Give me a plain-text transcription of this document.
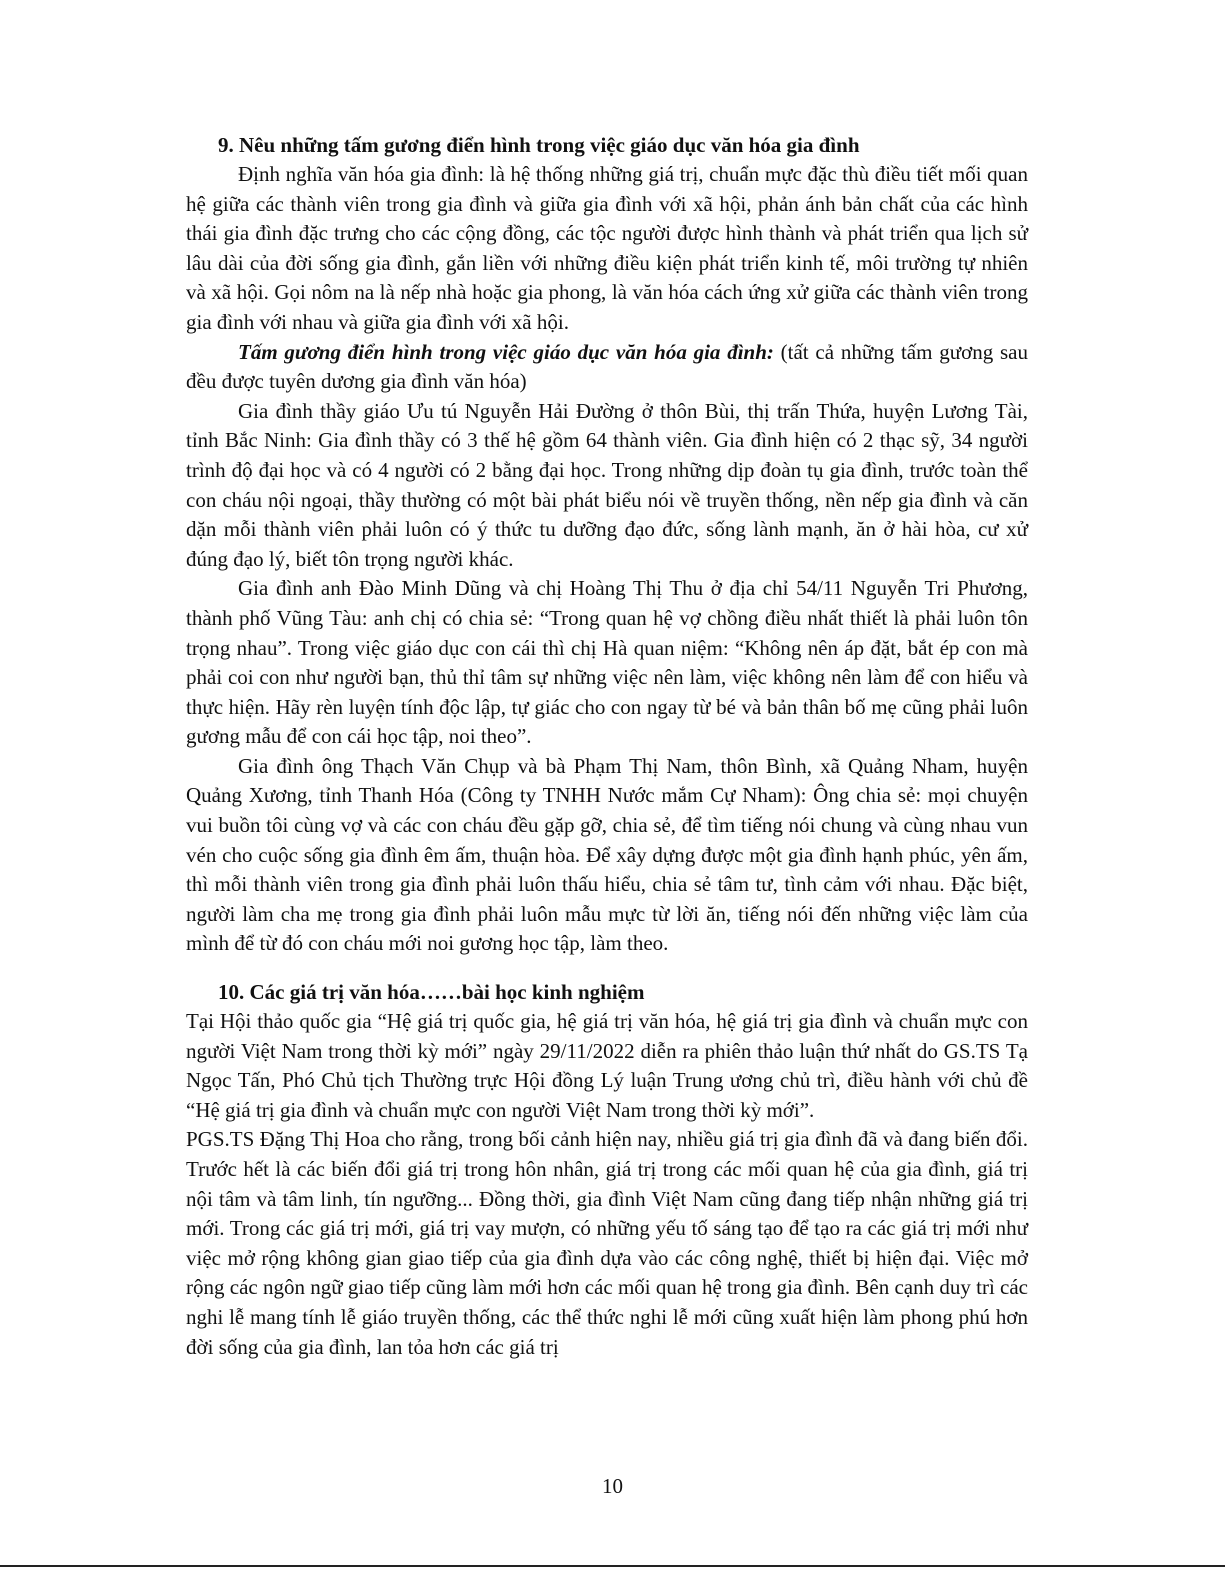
9. Nêu những tấm gương điển hình trong việc giáo dục văn hóa gia đình

Định nghĩa văn hóa gia đình: là hệ thống những giá trị, chuẩn mực đặc thù điều tiết mối quan hệ giữa các thành viên trong gia đình và giữa gia đình với xã hội, phản ánh bản chất của các hình thái gia đình đặc trưng cho các cộng đồng, các tộc người được hình thành và phát triển qua lịch sử lâu dài của đời sống gia đình, gắn liền với những điều kiện phát triển kinh tế, môi trường tự nhiên và xã hội. Gọi nôm na là nếp nhà hoặc gia phong, là văn hóa cách ứng xử giữa các thành viên trong gia đình với nhau và giữa gia đình với xã hội.

Tấm gương điển hình trong việc giáo dục văn hóa gia đình: (tất cả những tấm gương sau đều được tuyên dương gia đình văn hóa)

Gia đình thầy giáo Ưu tú Nguyễn Hải Đường ở thôn Bùi, thị trấn Thứa, huyện Lương Tài, tỉnh Bắc Ninh: Gia đình thầy có 3 thế hệ gồm 64 thành viên. Gia đình hiện có 2 thạc sỹ, 34 người trình độ đại học và có 4 người có 2 bằng đại học. Trong những dịp đoàn tụ gia đình, trước toàn thể con cháu nội ngoại, thầy thường có một bài phát biểu nói về truyền thống, nền nếp gia đình và căn dặn mỗi thành viên phải luôn có ý thức tu dưỡng đạo đức, sống lành mạnh, ăn ở hài hòa, cư xử đúng đạo lý, biết tôn trọng người khác.

Gia đình anh Đào Minh Dũng và chị Hoàng Thị Thu ở địa chỉ 54/11 Nguyễn Tri Phương, thành phố Vũng Tàu: anh chị có chia sẻ: “Trong quan hệ vợ chồng điều nhất thiết là phải luôn tôn trọng nhau”. Trong việc giáo dục con cái thì chị Hà quan niệm: “Không nên áp đặt, bắt ép con mà phải coi con như người bạn, thủ thỉ tâm sự những việc nên làm, việc không nên làm để con hiểu và thực hiện. Hãy rèn luyện tính độc lập, tự giác cho con ngay từ bé và bản thân bố mẹ cũng phải luôn gương mẫu để con cái học tập, noi theo”.

Gia đình ông Thạch Văn Chụp và bà Phạm Thị Nam, thôn Bình, xã Quảng Nham, huyện Quảng Xương, tỉnh Thanh Hóa (Công ty TNHH Nước mắm Cự Nham): Ông chia sẻ: mọi chuyện vui buồn tôi cùng vợ và các con cháu đều gặp gỡ, chia sẻ, để tìm tiếng nói chung và cùng nhau vun vén cho cuộc sống gia đình êm ấm, thuận hòa. Để xây dựng được một gia đình hạnh phúc, yên ấm, thì mỗi thành viên trong gia đình phải luôn thấu hiểu, chia sẻ tâm tư, tình cảm với nhau. Đặc biệt, người làm cha mẹ trong gia đình phải luôn mẫu mực từ lời ăn, tiếng nói đến những việc làm của mình để từ đó con cháu mới noi gương học tập, làm theo.

10. Các giá trị văn hóa……bài học kinh nghiệm

Tại Hội thảo quốc gia “Hệ giá trị quốc gia, hệ giá trị văn hóa, hệ giá trị gia đình và chuẩn mực con người Việt Nam trong thời kỳ mới” ngày 29/11/2022 diễn ra phiên thảo luận thứ nhất do GS.TS Tạ Ngọc Tấn, Phó Chủ tịch Thường trực Hội đồng Lý luận Trung ương chủ trì, điều hành với chủ đề “Hệ giá trị gia đình và chuẩn mực con người Việt Nam trong thời kỳ mới”.

PGS.TS Đặng Thị Hoa cho rằng, trong bối cảnh hiện nay, nhiều giá trị gia đình đã và đang biến đổi. Trước hết là các biến đổi giá trị trong hôn nhân, giá trị trong các mối quan hệ của gia đình, giá trị nội tâm và tâm linh, tín ngưỡng... Đồng thời, gia đình Việt Nam cũng đang tiếp nhận những giá trị mới. Trong các giá trị mới, giá trị vay mượn, có những yếu tố sáng tạo để tạo ra các giá trị mới như việc mở rộng không gian giao tiếp của gia đình dựa vào các công nghệ, thiết bị hiện đại. Việc mở rộng các ngôn ngữ giao tiếp cũng làm mới hơn các mối quan hệ trong gia đình. Bên cạnh duy trì các nghi lễ mang tính lễ giáo truyền thống, các thể thức nghi lễ mới cũng xuất hiện làm phong phú hơn đời sống của gia đình, lan tỏa hơn các giá trị

10
